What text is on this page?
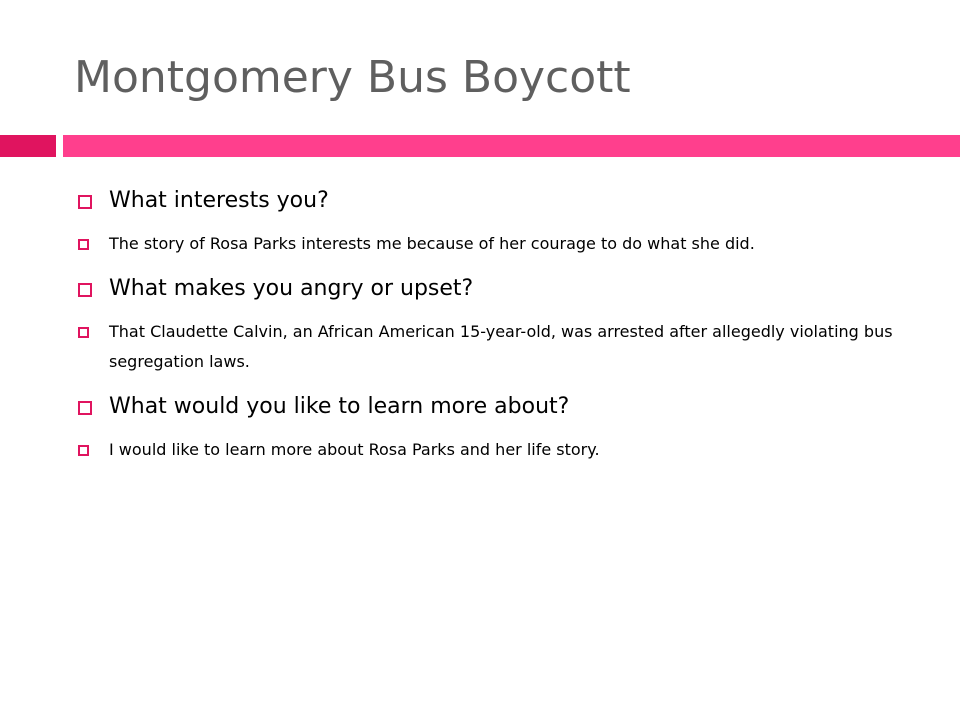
Montgomery Bus Boycott
What interests you?
The story of Rosa Parks interests me because of her courage to do what she did.
What makes you angry or upset?
That Claudette Calvin, an African American 15-year-old, was arrested after allegedly violating bus segregation laws.
What would you like to learn more about?
I would like to learn more about Rosa Parks and her life story.
